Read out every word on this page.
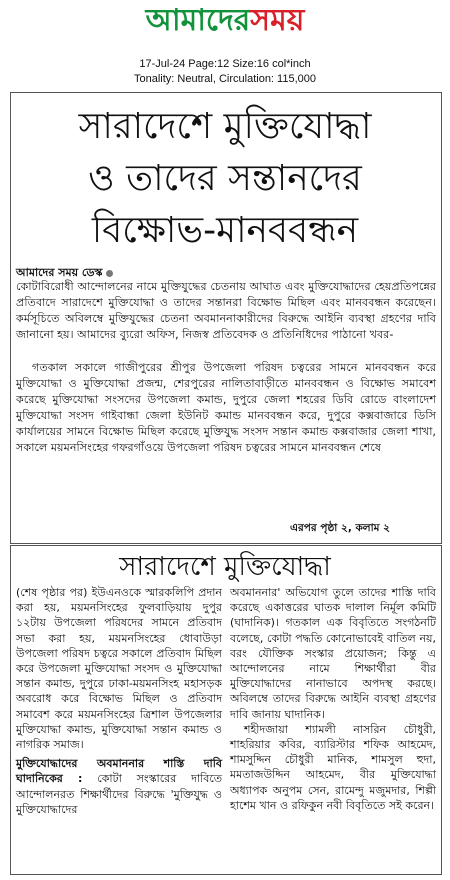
আমাদেরসময়
17-Jul-24 Page:12 Size:16 col*inch
Tonality: Neutral, Circulation: 115,000
সারাদেশে মুক্তিযোদ্ধা
ও তাদের সন্তানদের
বিক্ষোভ-মানববন্ধন
আমাদের সময় ডেস্ক

কোটাবিরোধী আন্দোলনের নামে মুক্তিযুদ্ধের চেতনায় আঘাত এবং মুক্তিযোদ্ধাদের হেয়প্রতিপন্নের প্রতিবাদে সারাদেশে মুক্তিযোদ্ধা ও তাদের সন্তানরা বিক্ষোভ মিছিল এবং মানববন্ধন করেছেন। কর্মসূচিতে অবিলম্বে মুক্তিযুদ্ধের চেতনা অবমাননাকারীদের বিরুদ্ধে আইনি ব্যবস্থা গ্রহণের দাবি জানানো হয়। আমাদের ব্যুরো অফিস, নিজস্ব প্রতিবেদক ও প্রতিনিধিদের পাঠানো খবর-

গতকাল সকালে গাজীপুরের শ্রীপুর উপজেলা পরিষদ চত্বরের সামনে মানববন্ধন করে মুক্তিযোদ্ধা ও মুক্তিযোদ্ধা প্রজন্ম, শেরপুরের নালিতাবাড়ীতে মানববন্ধন ও বিক্ষোভ সমাবেশ করেছে মুক্তিযোদ্ধা সংসদের উপজেলা কমান্ড, দুপুরে জেলা শহরের ডিবি রোডে বাংলাদেশ মুক্তিযোদ্ধা সংসদ গাইবান্ধা জেলা ইউনিট কমান্ড মানববন্ধন করে, দুপুরে কক্সবাজারে ডিসি কার্যালয়ের সামনে বিক্ষোভ মিছিল করেছে মুক্তিযুদ্ধ সংসদ সন্তান কমান্ড কক্সবাজার জেলা শাখা, সকালে ময়মনসিংহের গফরগাঁওয়ে উপজেলা পরিষদ চত্বরের সামনে মানববন্ধন শেষে

এরপর পৃষ্ঠা ২, কলাম ২
সারাদেশে মুক্তিযোদ্ধা

(শেষ পৃষ্ঠার পর) ইউএনওকে স্মারকলিপি প্রদান করা হয়, ময়মনসিংহের ফুলবাড়িয়ায় দুপুর ১২টায় উপজেলা পরিষদের সামনে প্রতিবাদ সভা করা হয়, ময়মনসিংহের ধোবাউড়া উপজেলা পরিষদ চত্বরে সকালে প্রতিবাদ মিছিল করে উপজেলা মুক্তিযোদ্ধা সংসদ ও মুক্তিযোদ্ধা সন্তান কমান্ড, দুপুরে ঢাকা-ময়মনসিংহ মহাসড়ক অবরোধ করে বিক্ষোভ মিছিল ও প্রতিবাদ সমাবেশ করে ময়মনসিংহের ত্রিশাল উপজেলার মুক্তিযোদ্ধা কমান্ড, মুক্তিযোদ্ধা সন্তান কমান্ড ও নাগরিক সমাজ।

মুক্তিযোদ্ধাদের অবমাননার শাস্তি দাবি ঘাদানিকের : কোটা সংস্কারের দাবিতে আন্দোলনরত শিক্ষার্থীদের বিরুদ্ধে 'মুক্তিযুদ্ধ ও মুক্তিযোদ্ধাদের

অবমাননার' অভিযোগ তুলে তাদের শাস্তি দাবি করেছে একাত্তরের ঘাতক দালাল নির্মূল কমিটি (ঘাদানিক)। গতকাল এক বিবৃতিতে সংগঠনটি বলেছে, কোটা পদ্ধতি কোনোভাবেই বাতিল নয়, বরং যৌক্তিক সংস্কার প্রয়োজন; কিন্তু এ আন্দোলনের নামে শিক্ষার্থীরা বীর মুক্তিযোদ্ধাদের নানাভাবে অপদস্থ করছে। অবিলম্বে তাদের বিরুদ্ধে আইনি ব্যবস্থা গ্রহণের দাবি জানায় ঘাদানিক।

শহীদজায়া শ্যামলী নাসরিন চৌধুরী, শাহরিয়ার কবির, ব্যারিস্টার শফিক আহমেদ, শামসুদ্দিন চৌধুরী মানিক, শামসুল হুদা, মমতাজউদ্দিন আহমেদ, বীর মুক্তিযোদ্ধা অধ্যাপক অনুপম সেন, রামেন্দু মজুমদার, শিল্পী হাশেম খান ও রফিকুন নবী বিবৃতিতে সই করেন।
